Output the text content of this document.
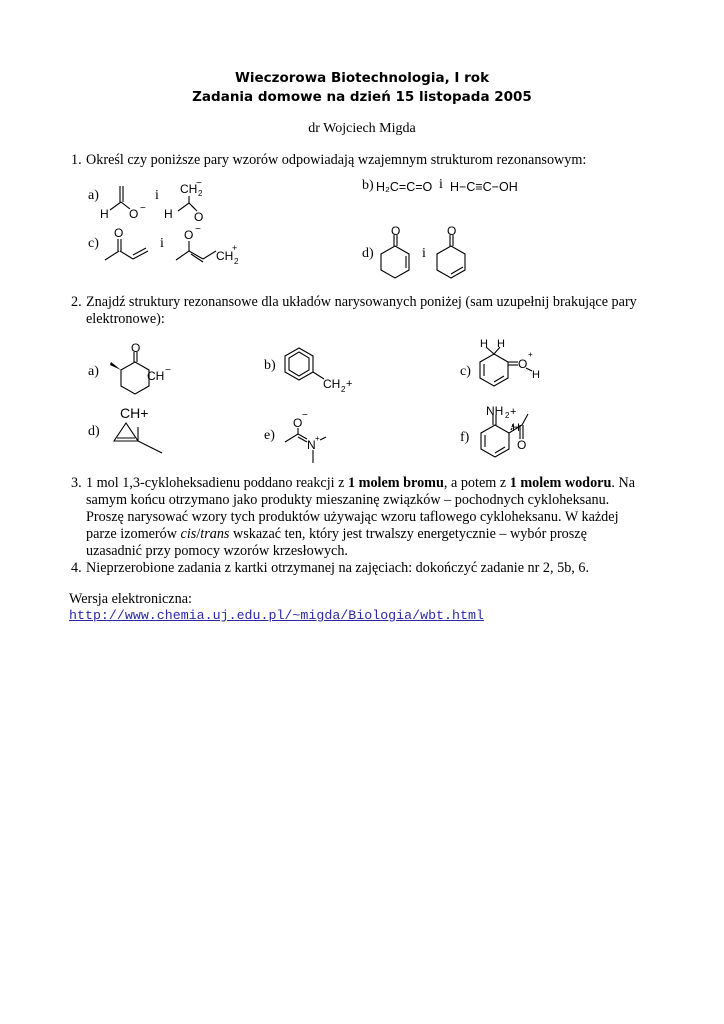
Wieczorowa Biotechnologia, I rok
Zadania domowe na dzień 15 listopada 2005
dr Wojciech Migda
1. Określ czy poniższe pary wzorów odpowiadają wzajemnym strukturom rezonansowym:
a)	i
H O −
CH 2
−
H O
b) H₂C=C=O i H−C≡C−OH
c)	i
O	O −
CH 2
+	d)	i
O	O
2. Znajdź struktury rezonansowe dla układów narysowanych poniżej (sam uzupełnij brakujące pary
elektronowe):
a)
O
CH −	b)
CH 2 +
c)
H H
O
+
H
d)
CH+
e)
O
−
N +	f)
NH 2 +
H
O
3. 1 mol 1,3-cykloheksadienu poddano reakcji z 1 molem bromu, a potem z 1 molem wodoru. Na
samym końcu otrzymano jako produkty mieszaninę związków – pochodnych cykloheksanu.
Proszę narysować wzory tych produktów używając wzoru taflowego cykloheksanu. W każdej
parze izomerów cis/trans wskazać ten, który jest trwalszy energetycznie – wybór proszę
uzasadnić przy pomocy wzorów krzesłowych.
4. Nieprzerobione zadania z kartki otrzymanej na zajęciach: dokończyć zadanie nr 2, 5b, 6.
Wersja elektroniczna:
http://www.chemia.uj.edu.pl/~migda/Biologia/wbt.html
